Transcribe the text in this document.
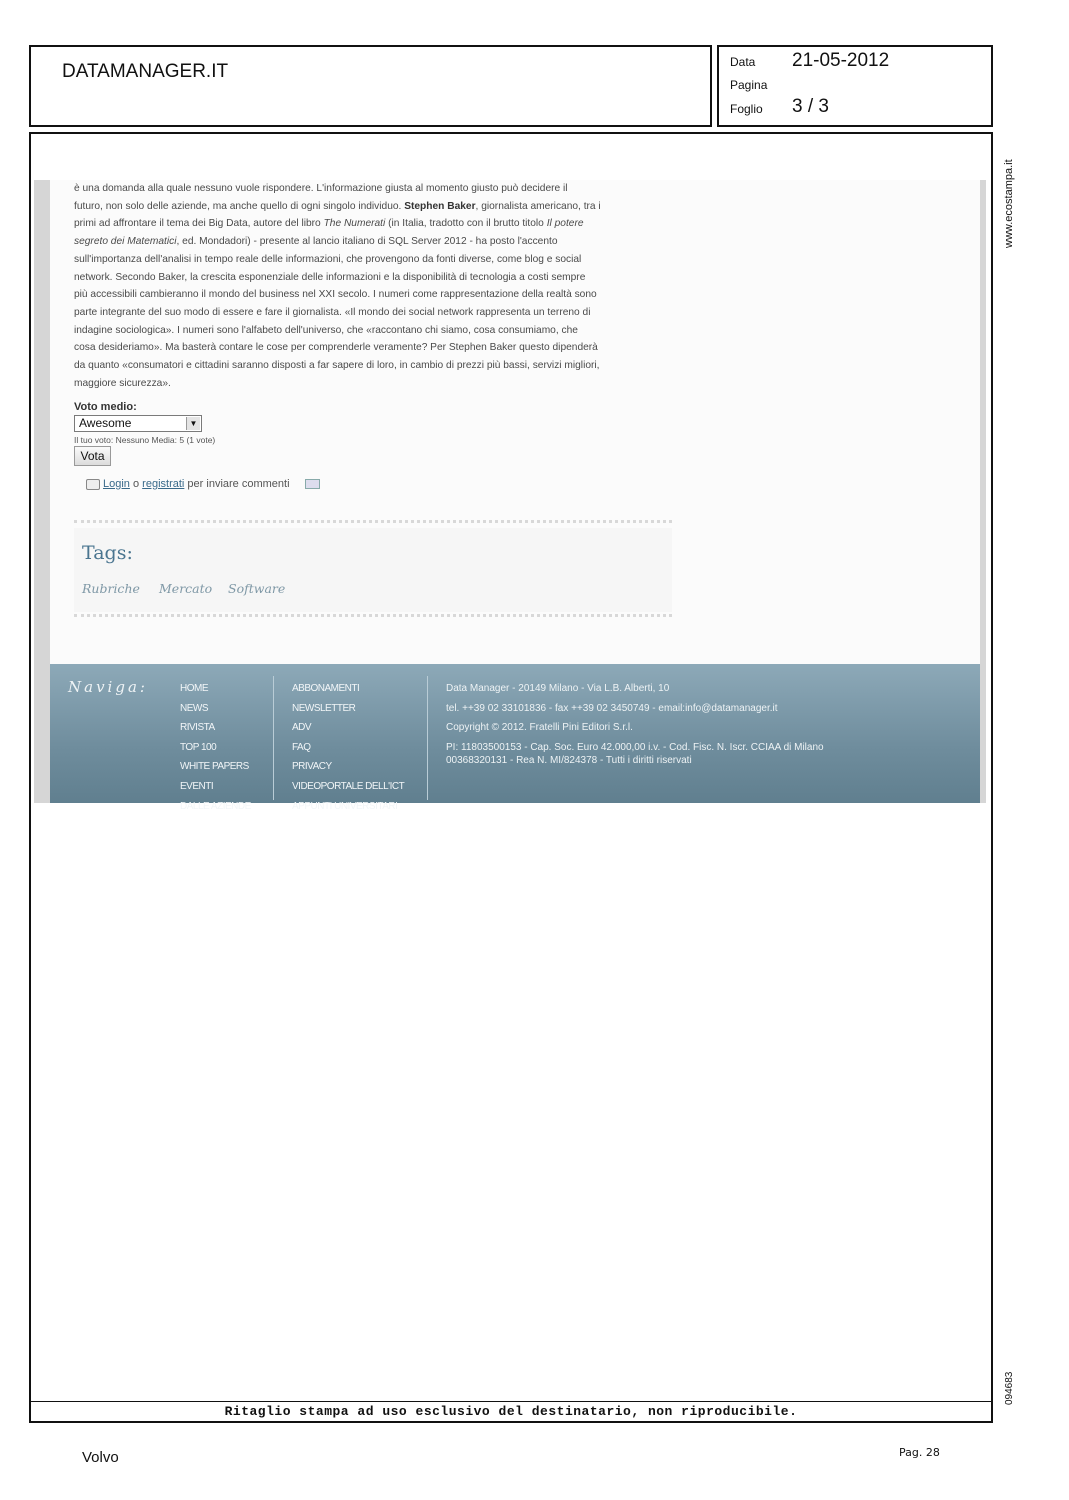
DATAMANAGER.IT	Data 21-05-2012
Pagina
Foglio 3 / 3
Ritaglio stampa ad uso esclusivo del destinatario, non riproducibile.
www.ecostampa.it
094683
è una domanda alla quale nessuno vuole rispondere. L'informazione giusta al momento giusto può decidere il
futuro, non solo delle aziende, ma anche quello di ogni singolo individuo. Stephen Baker, giornalista americano, tra i
primi ad affrontare il tema dei Big Data, autore del libro The Numerati (in Italia, tradotto con il brutto titolo Il potere
segreto dei Matematici, ed. Mondadori) - presente al lancio italiano di SQL Server 2012 - ha posto l'accento
sull'importanza dell'analisi in tempo reale delle informazioni, che provengono da fonti diverse, come blog e social
network. Secondo Baker, la crescita esponenziale delle informazioni e la disponibilità di tecnologia a costi sempre
più accessibili cambieranno il mondo del business nel XXI secolo. I numeri come rappresentazione della realtà sono
parte integrante del suo modo di essere e fare il giornalista. «Il mondo dei social network rappresenta un terreno di
indagine sociologica». I numeri sono l'alfabeto dell'universo, che «raccontano chi siamo, cosa consumiamo, che
cosa desideriamo». Ma basterà contare le cose per comprenderle veramente? Per Stephen Baker questo dipenderà
da quanto «consumatori e cittadini saranno disposti a far sapere di loro, in cambio di prezzi più bassi, servizi migliori,
maggiore sicurezza».
Voto medio:
Awesome	▼
Il tuo voto: Nessuno Media: 5 (1 vote)
Vota
Login o registrati per inviare commenti
Tags:
Rubriche Mercato Software
Naviga:	HOME
NEWS
RIVISTA
TOP 100
WHITE PAPERS
EVENTI
DALLE AZIENDE
ABBONAMENTI
NEWSLETTER
ADV
FAQ
PRIVACY
VIDEOPORTALE DELL'ICT
APPUNTI UNIVERSITARI
Data Manager - 20149 Milano - Via L.B. Alberti, 10
tel. ++39 02 33101836 - fax ++39 02 3450749 - email:info@datamanager.it
Copyright © 2012. Fratelli Pini Editori S.r.l.
PI: 11803500153 - Cap. Soc. Euro 42.000,00 i.v. - Cod. Fisc. N. Iscr. CCIAA di Milano 00368320131 - Rea N. MI/824378 - Tutti i diritti riservati
Volvo	Pag. 28
